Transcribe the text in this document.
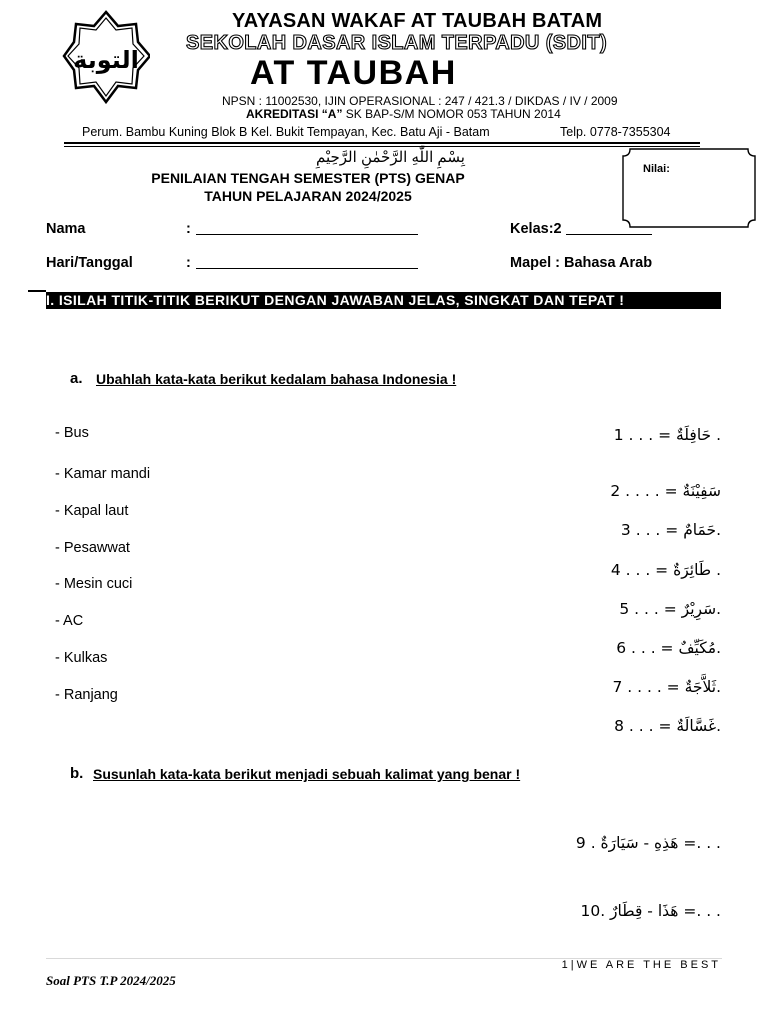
التوبة
YAYASAN WAKAF AT TAUBAH BATAM
SEKOLAH DASAR ISLAM TERPADU (SDIT)
AT TAUBAH
NPSN : 11002530, IJIN OPERASIONAL : 247 / 421.3 / DIKDAS / IV / 2009
AKREDITASI “A” SK BAP-S/M NOMOR 053 TAHUN 2014
Perum. Bambu Kuning Blok B Kel. Bukit Tempayan, Kec. Batu Aji - Batam	Telp. 0778-7355304
بِسْمِ اللّٰهِ الرَّحْمٰنِ الرَّحِيْمِ
PENILAIAN TENGAH SEMESTER (PTS) GENAP
TAHUN PELAJARAN 2024/2025
Nilai:
Nama	:
Hari/Tanggal	:
Kelas:2
Mapel : Bahasa Arab
I. ISILAH TITIK-TITIK BERIKUT DENGAN JAWABAN JELAS, SINGKAT DAN TEPAT !
a. Ubahlah kata-kata berikut kedalam bahasa Indonesia !
- Bus
- Kamar mandi
- Kapal laut
- Pesawwat
- Mesin cuci
- AC
- Kulkas
- Ranjang
حَافِلَةٌ = . . . 1 .
سَفِيْنَةٌ = . . . . 2
حَمَامٌ = . . . 3.
طَائِرَةٌ = . . . 4 .
سَرِيْرٌ = . . . 5.
مُكَيِّفٌ = . . . 6.
ثَلاَّجَةٌ = . . . . 7.
غَسَّالَةٌ = . . . 8.
b. Susunlah kata-kata berikut menjadi sebuah kalimat yang benar !
هَذِهِ - سَيَارَةٌ . 9 =. . .
هَذَا - قِطَارٌ .10 =. . .
1|WE ARE THE BEST
Soal PTS T.P 2024/2025
